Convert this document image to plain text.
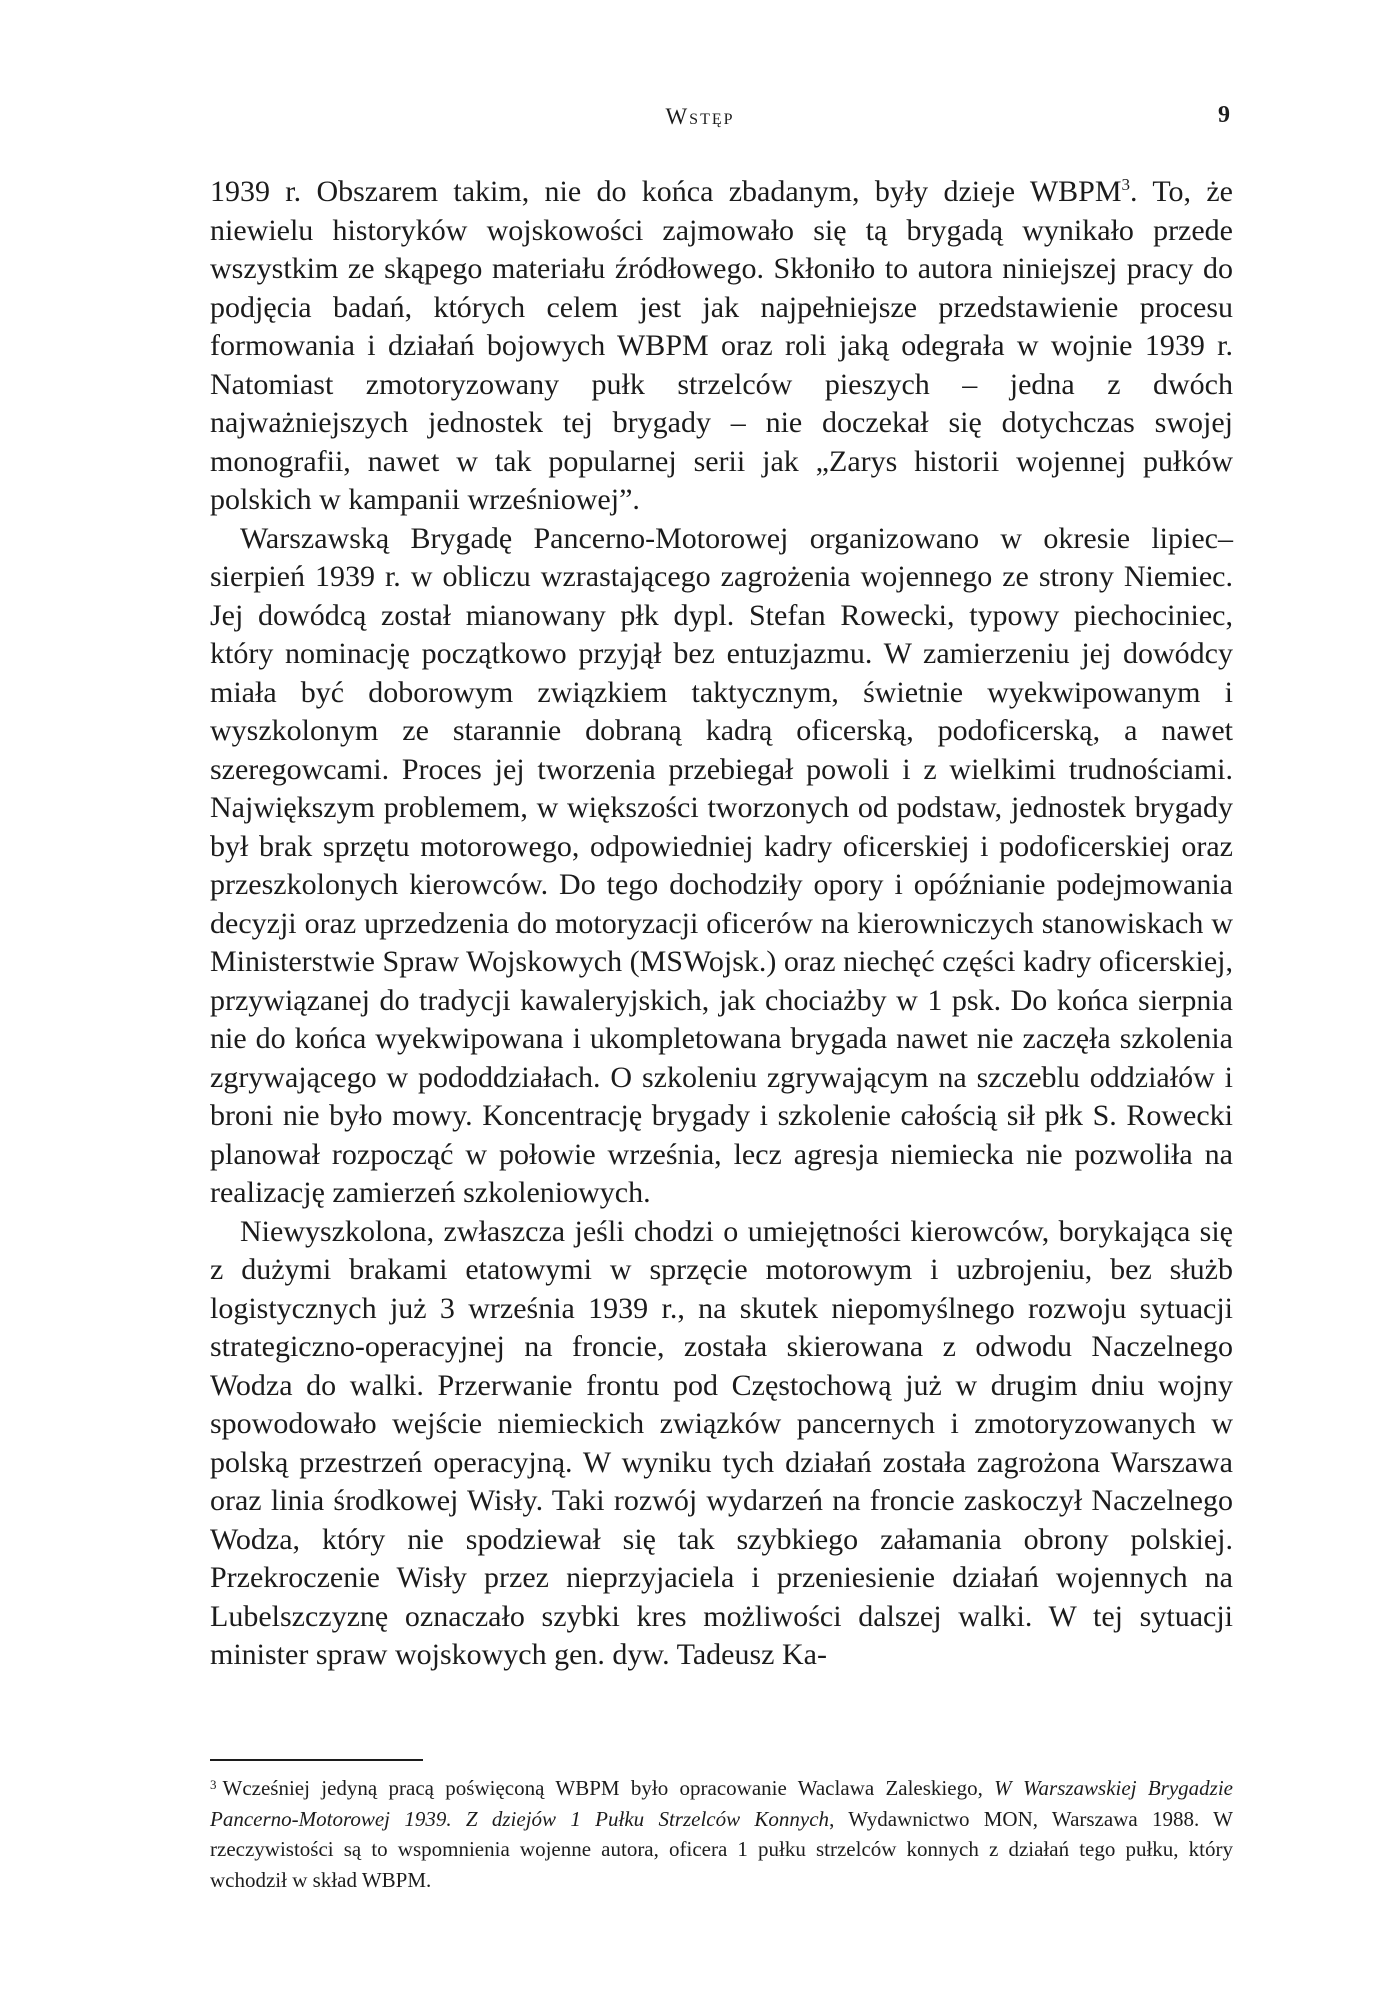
Wstęp	9

1939 r. Obszarem takim, nie do końca zbadanym, były dzieje WBPM$^3$. To, że niewielu historyków wojskowości zajmowało się tą brygadą wynikało przede wszystkim ze skąpego materiału źródłowego. Skłoniło to autora niniejszej pracy do podjęcia badań, których celem jest jak najpełniejsze przedstawienie procesu formowania i działań bojowych WBPM oraz roli jaką odegrała w wojnie 1939 r. Natomiast zmotoryzowany pułk strzelców pieszych – jedna z dwóch najważniejszych jednostek tej brygady – nie doczekał się dotychczas swojej monografii, nawet w tak popularnej serii jak „Zarys historii wojennej pułków polskich w kampanii wrześniowej”.

Warszawską Brygadę Pancerno-Motorowej organizowano w okresie lipiec–sierpień 1939 r. w obliczu wzrastającego zagrożenia wojennego ze strony Niemiec. Jej dowódcą został mianowany płk dypl. Stefan Rowecki, typowy piechociniec, który nominację początkowo przyjął bez entuzjazmu. W zamierzeniu jej dowódcy miała być doborowym związkiem taktycznym, świetnie wyekwipowanym i wyszkolonym ze starannie dobraną kadrą oficerską, podoficerską, a nawet szeregowcami. Proces jej tworzenia przebiegał powoli i z wielkimi trudnościami. Największym problemem, w większości tworzonych od podstaw, jednostek brygady był brak sprzętu motorowego, odpowiedniej kadry oficerskiej i podoficerskiej oraz przeszkolonych kierowców. Do tego dochodziły opory i opóźnianie podejmowania decyzji oraz uprzedzenia do motoryzacji oficerów na kierowniczych stanowiskach w Ministerstwie Spraw Wojskowych (MSWojsk.) oraz niechęć części kadry oficerskiej, przywiązanej do tradycji kawaleryjskich, jak chociażby w 1 psk. Do końca sierpnia nie do końca wyekwipowana i ukompletowana brygada nawet nie zaczęła szkolenia zgrywającego w pododdziałach. O szkoleniu zgrywającym na szczeblu oddziałów i broni nie było mowy. Koncentrację brygady i szkolenie całością sił płk S. Rowecki planował rozpocząć w połowie września, lecz agresja niemiecka nie pozwoliła na realizację zamierzeń szkoleniowych.

Niewyszkolona, zwłaszcza jeśli chodzi o umiejętności kierowców, borykająca się z dużymi brakami etatowymi w sprzęcie motorowym i uzbrojeniu, bez służb logistycznych już 3 września 1939 r., na skutek niepomyślnego rozwoju sytuacji strategiczno-operacyjnej na froncie, została skierowana z odwodu Naczelnego Wodza do walki. Przerwanie frontu pod Częstochową już w drugim dniu wojny spowodowało wejście niemieckich związków pancernych i zmotoryzowanych w polską przestrzeń operacyjną. W wyniku tych działań została zagrożona Warszawa oraz linia środkowej Wisły. Taki rozwój wydarzeń na froncie zaskoczył Naczelnego Wodza, który nie spodziewał się tak szybkiego załamania obrony polskiej. Przekroczenie Wisły przez nieprzyjaciela i przeniesienie działań wojennych na Lubelszczyznę oznaczało szybki kres możliwości dalszej walki. W tej sytuacji minister spraw wojskowych gen. dyw. Tadeusz Ka-

$^3$ Wcześniej jedyną pracą poświęconą WBPM było opracowanie Waclawa Zaleskiego, W Warszawskiej Brygadzie Pancerno-Motorowej 1939. Z dziejów 1 Pułku Strzelców Konnych, Wydawnictwo MON, Warszawa 1988. W rzeczywistości są to wspomnienia wojenne autora, oficera 1 pułku strzelców konnych z działań tego pułku, który wchodził w skład WBPM.
